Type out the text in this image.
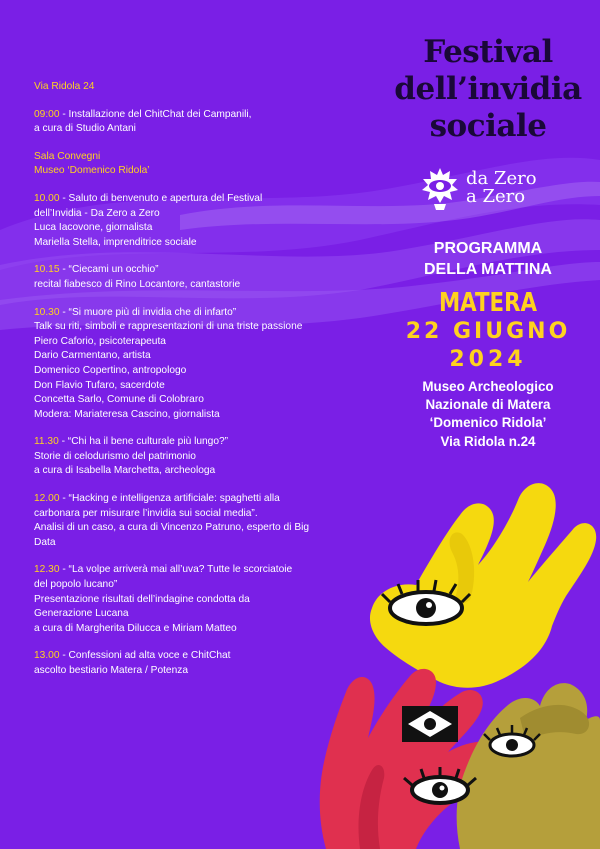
Via Ridola 24
09:00 - Installazione del ChitChat dei Campanili,
a cura di Studio Antani
Sala Convegni
Museo ‘Domenico Ridola’
10.00 - Saluto di benvenuto e apertura del Festival
dell’Invidia - Da Zero a Zero
Luca Iacovone, giornalista
Mariella Stella, imprenditrice sociale
10.15 - “Ciecami un occhio”
recital fiabesco di Rino Locantore, cantastorie
10.30 - “Si muore più di invidia che di infarto”
Talk su riti, simboli e rappresentazioni di una triste passione
Piero Caforio, psicoterapeuta
Dario Carmentano, artista
Domenico Copertino, antropologo
Don Flavio Tufaro, sacerdote
Concetta Sarlo, Comune di Colobraro
Modera: Mariateresa Cascino, giornalista
11.30 - “Chi ha il bene culturale più lungo?”
Storie di celodurismo del patrimonio
a cura di Isabella Marchetta, archeologa
12.00 - “Hacking e intelligenza artificiale: spaghetti alla
carbonara per misurare l’invidia sui social media”.
Analisi di un caso, a cura di Vincenzo Patruno, esperto di Big
Data
12.30 - “La volpe arriverà mai all’uva? Tutte le scorciatoie
del popolo lucano”
Presentazione risultati dell’indagine condotta da
Generazione Lucana
a cura di Margherita Dilucca e Miriam Matteo
13.00 - Confessioni ad alta voce e ChitChat
ascolto bestiario Matera / Potenza
Festival
dell’invidia
sociale
da Zero
a Zero
PROGRAMMA
DELLA MATTINA
MATERA
22 GIUGNO
2024
Museo Archeologico
Nazionale di Matera
‘Domenico Ridola’
Via Ridola n.24
